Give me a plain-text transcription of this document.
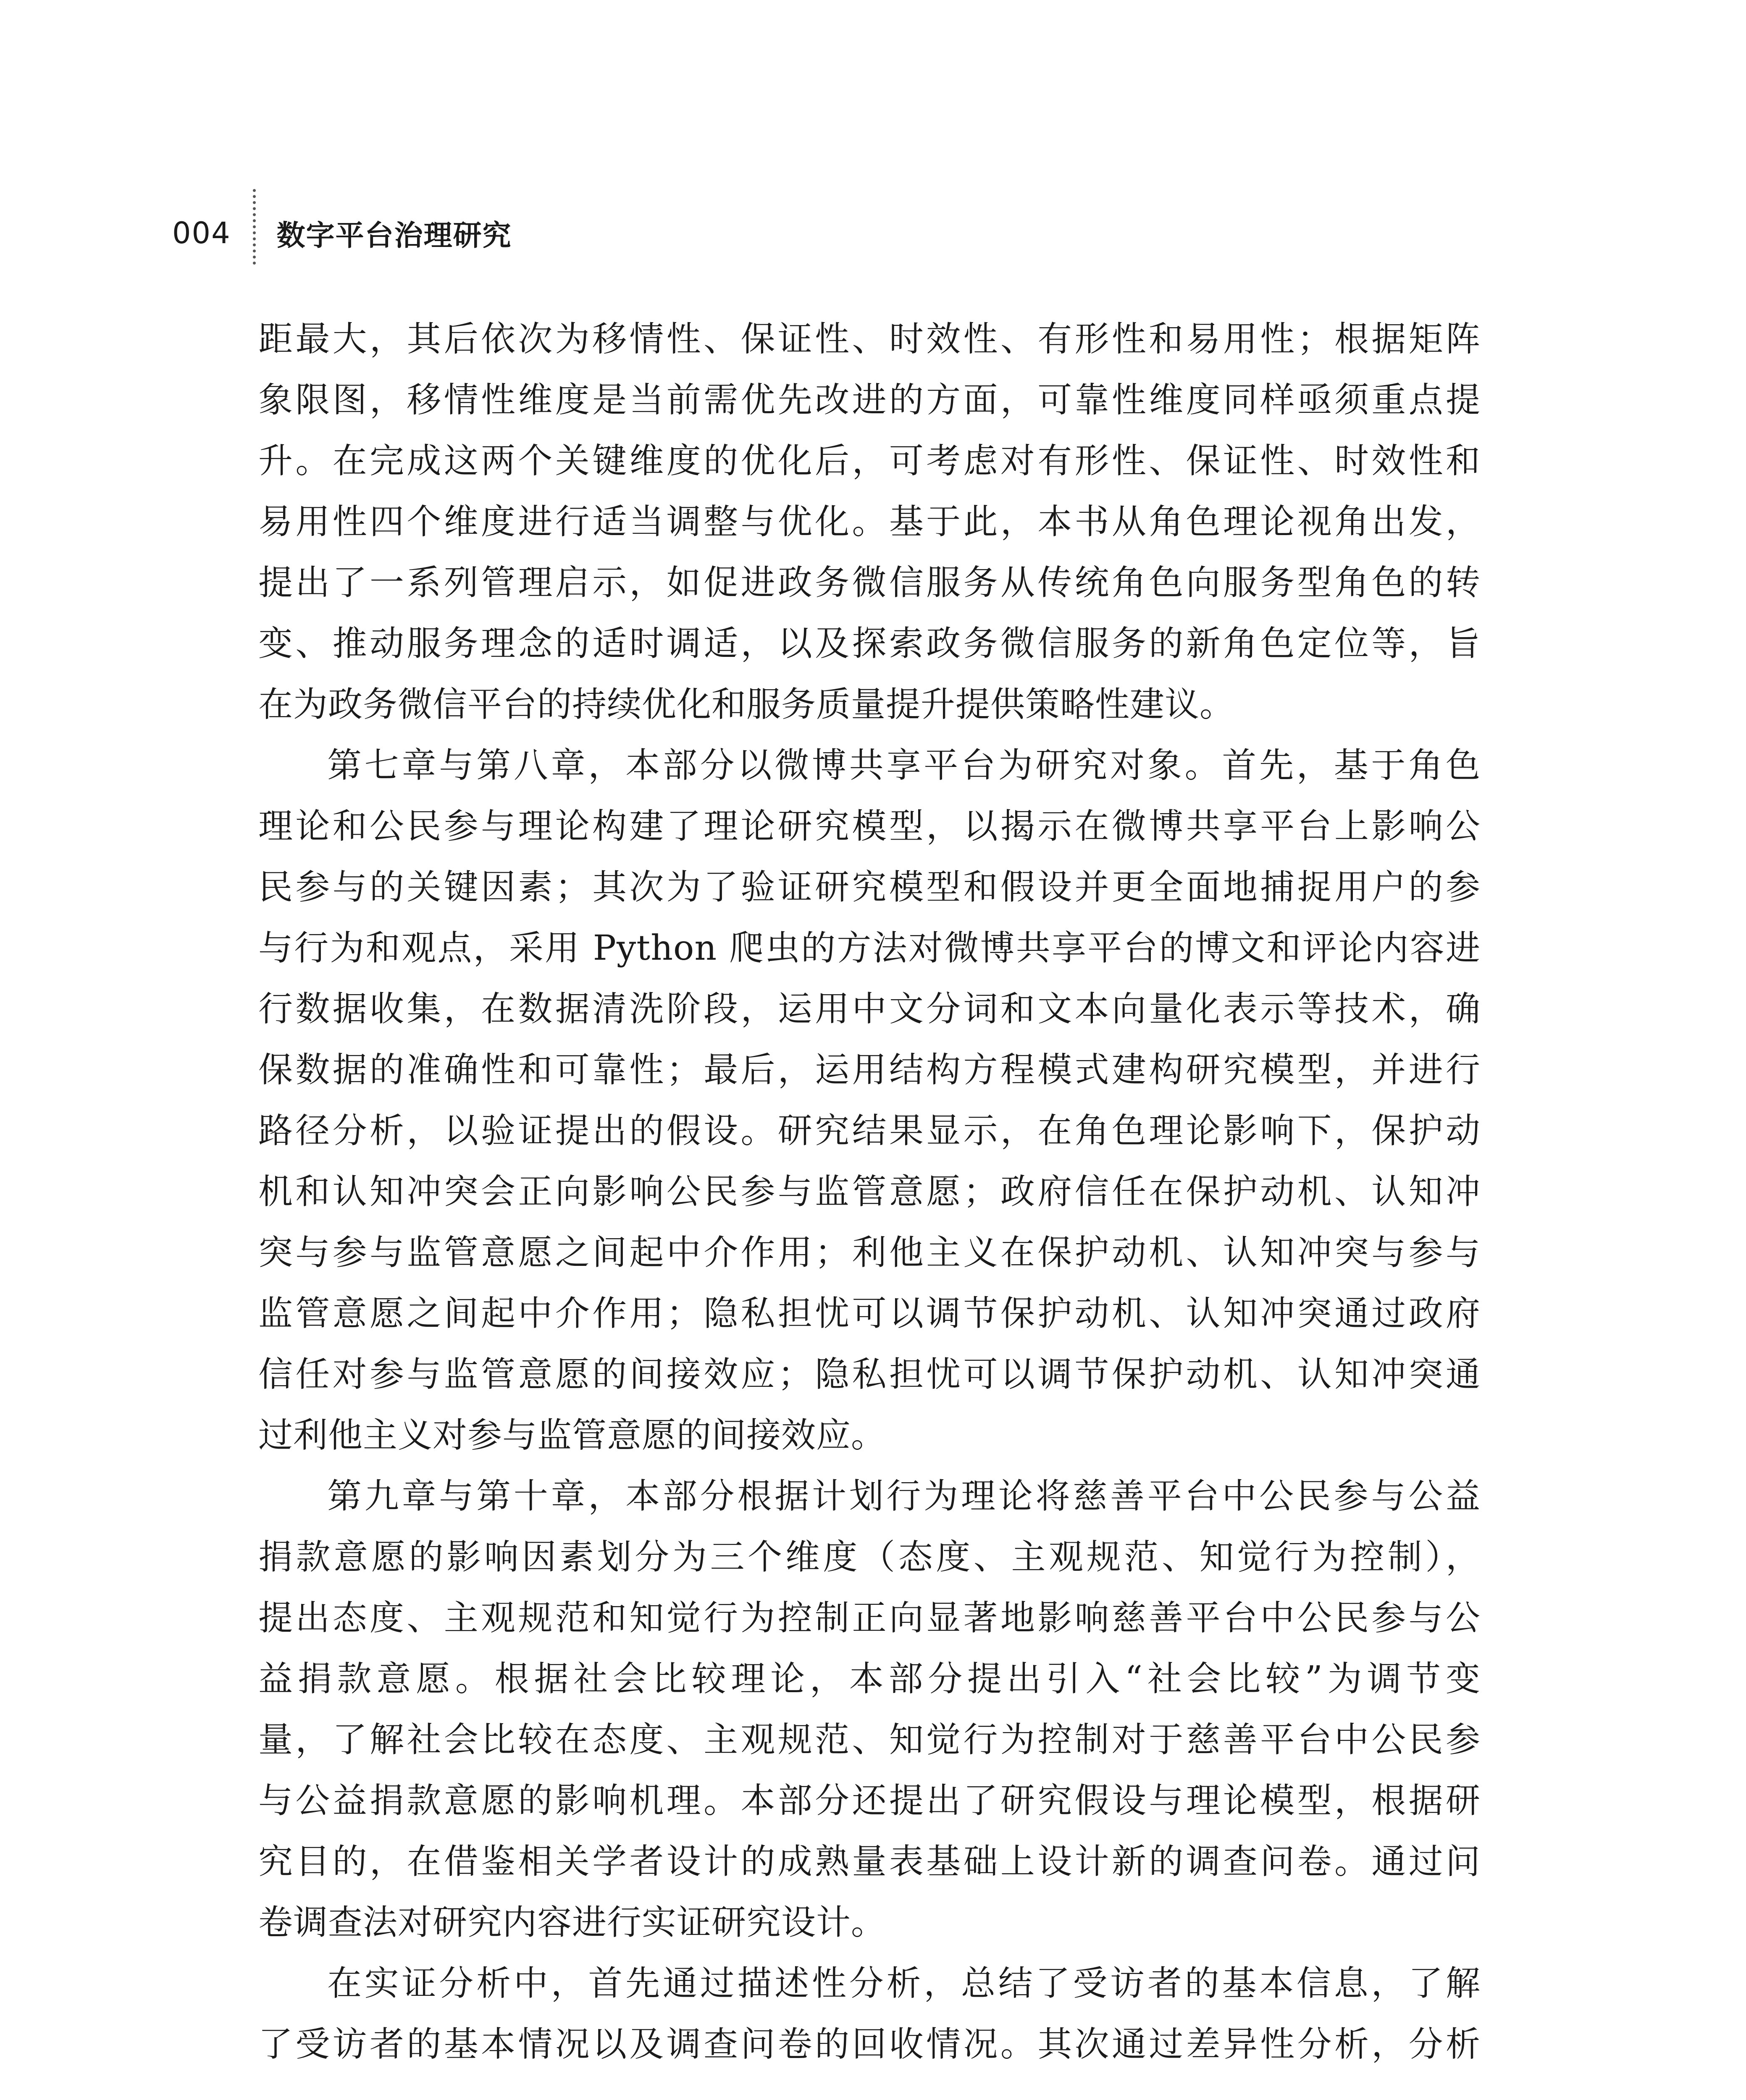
004 数字平台治理研究
距最大，其后依次为移情性、保证性、时效性、有形性和易用性；根据矩阵
象限图，移情性维度是当前需优先改进的方面，可靠性维度同样亟须重点提
升。在完成这两个关键维度的优化后，可考虑对有形性、保证性、时效性和
易用性四个维度进行适当调整与优化。基于此，本书从角色理论视角出发，
提出了一系列管理启示，如促进政务微信服务从传统角色向服务型角色的转
变、推动服务理念的适时调适，以及探索政务微信服务的新角色定位等，旨
在为政务微信平台的持续优化和服务质量提升提供策略性建议。
第七章与第八章，本部分以微博共享平台为研究对象。首先，基于角色
理论和公民参与理论构建了理论研究模型，以揭示在微博共享平台上影响公
民参与的关键因素；其次为了验证研究模型和假设并更全面地捕捉用户的参
与行为和观点，采用 Python 爬虫的方法对微博共享平台的博文和评论内容进
行数据收集，在数据清洗阶段，运用中文分词和文本向量化表示等技术，确
保数据的准确性和可靠性；最后，运用结构方程模式建构研究模型，并进行
路径分析，以验证提出的假设。研究结果显示，在角色理论影响下，保护动
机和认知冲突会正向影响公民参与监管意愿；政府信任在保护动机、认知冲
突与参与监管意愿之间起中介作用；利他主义在保护动机、认知冲突与参与
监管意愿之间起中介作用；隐私担忧可以调节保护动机、认知冲突通过政府
信任对参与监管意愿的间接效应；隐私担忧可以调节保护动机、认知冲突通
过利他主义对参与监管意愿的间接效应。
第九章与第十章，本部分根据计划行为理论将慈善平台中公民参与公益
捐款意愿的影响因素划分为三个维度（态度、主观规范、知觉行为控制），
提出态度、主观规范和知觉行为控制正向显著地影响慈善平台中公民参与公
益捐款意愿。根据社会比较理论，本部分提出引入“社会比较”为调节变
量，了解社会比较在态度、主观规范、知觉行为控制对于慈善平台中公民参
与公益捐款意愿的影响机理。本部分还提出了研究假设与理论模型，根据研
究目的，在借鉴相关学者设计的成熟量表基础上设计新的调查问卷。通过问
卷调查法对研究内容进行实证研究设计。
在实证分析中，首先通过描述性分析，总结了受访者的基本信息，了解
了受访者的基本情况以及调查问卷的回收情况。其次通过差异性分析，分析
